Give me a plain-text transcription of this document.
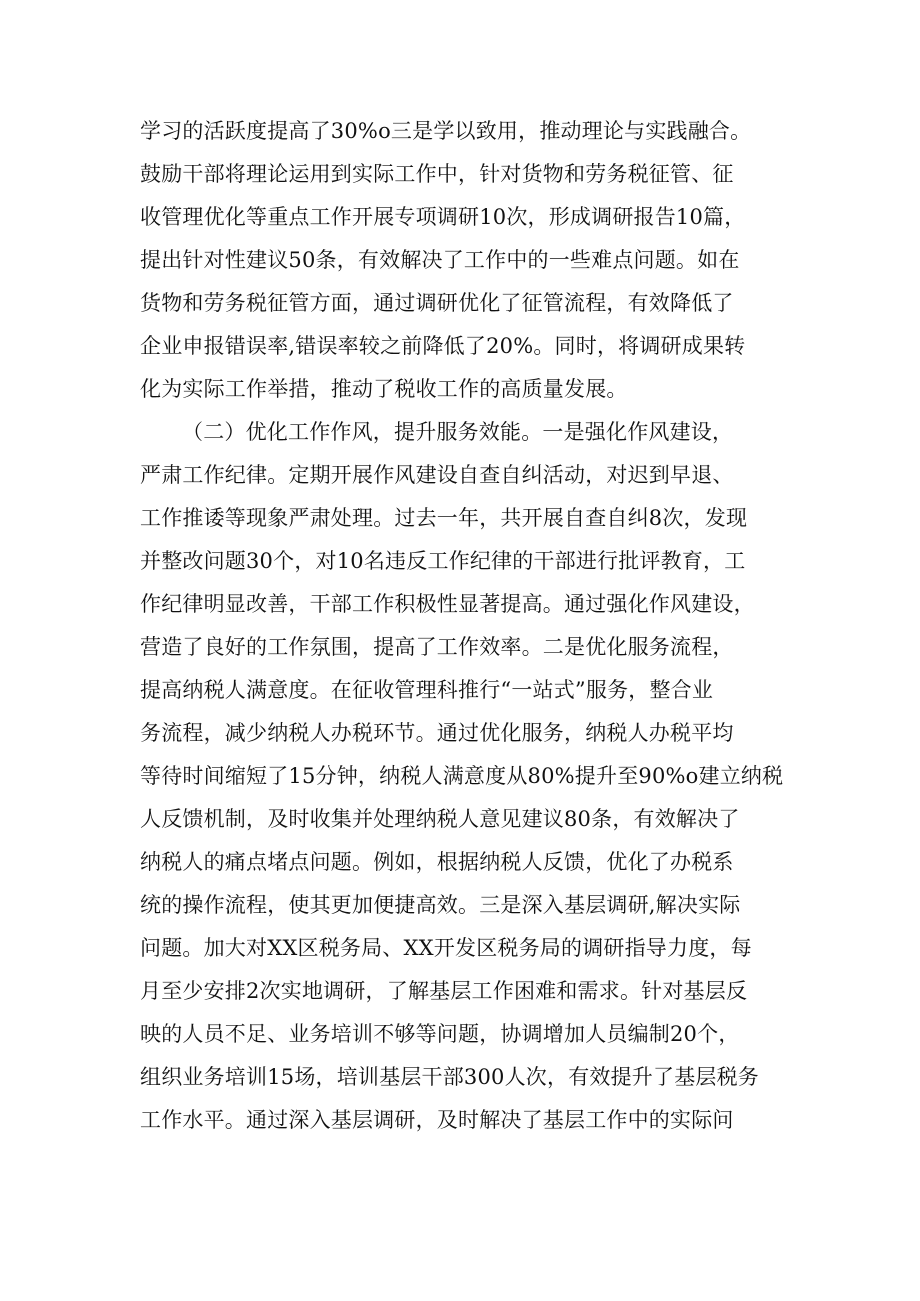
学习的活跃度提高了30%o三是学以致用，推动理论与实践融合。
鼓励干部将理论运用到实际工作中，针对货物和劳务税征管、征
收管理优化等重点工作开展专项调研10次，形成调研报告10篇，
提出针对性建议50条，有效解决了工作中的一些难点问题。如在
货物和劳务税征管方面，通过调研优化了征管流程，有效降低了
企业申报错误率,错误率较之前降低了20%。同时，将调研成果转
化为实际工作举措，推动了税收工作的高质量发展。
（二）优化工作作风，提升服务效能。一是强化作风建设，
严肃工作纪律。定期开展作风建设自查自纠活动，对迟到早退、
工作推诿等现象严肃处理。过去一年，共开展自查自纠8次，发现
并整改问题30个，对10名违反工作纪律的干部进行批评教育，工
作纪律明显改善，干部工作积极性显著提高。通过强化作风建设，
营造了良好的工作氛围，提高了工作效率。二是优化服务流程，
提高纳税人满意度。在征收管理科推行“一站式”服务，整合业
务流程，减少纳税人办税环节。通过优化服务，纳税人办税平均
等待时间缩短了15分钟，纳税人满意度从80%提升至90%o建立纳税
人反馈机制，及时收集并处理纳税人意见建议80条，有效解决了
纳税人的痛点堵点问题。例如，根据纳税人反馈，优化了办税系
统的操作流程，使其更加便捷高效。三是深入基层调研,解决实际
问题。加大对XX区税务局、XX开发区税务局的调研指导力度，每
月至少安排2次实地调研，了解基层工作困难和需求。针对基层反
映的人员不足、业务培训不够等问题，协调增加人员编制20个，
组织业务培训15场，培训基层干部300人次，有效提升了基层税务
工作水平。通过深入基层调研，及时解决了基层工作中的实际问
